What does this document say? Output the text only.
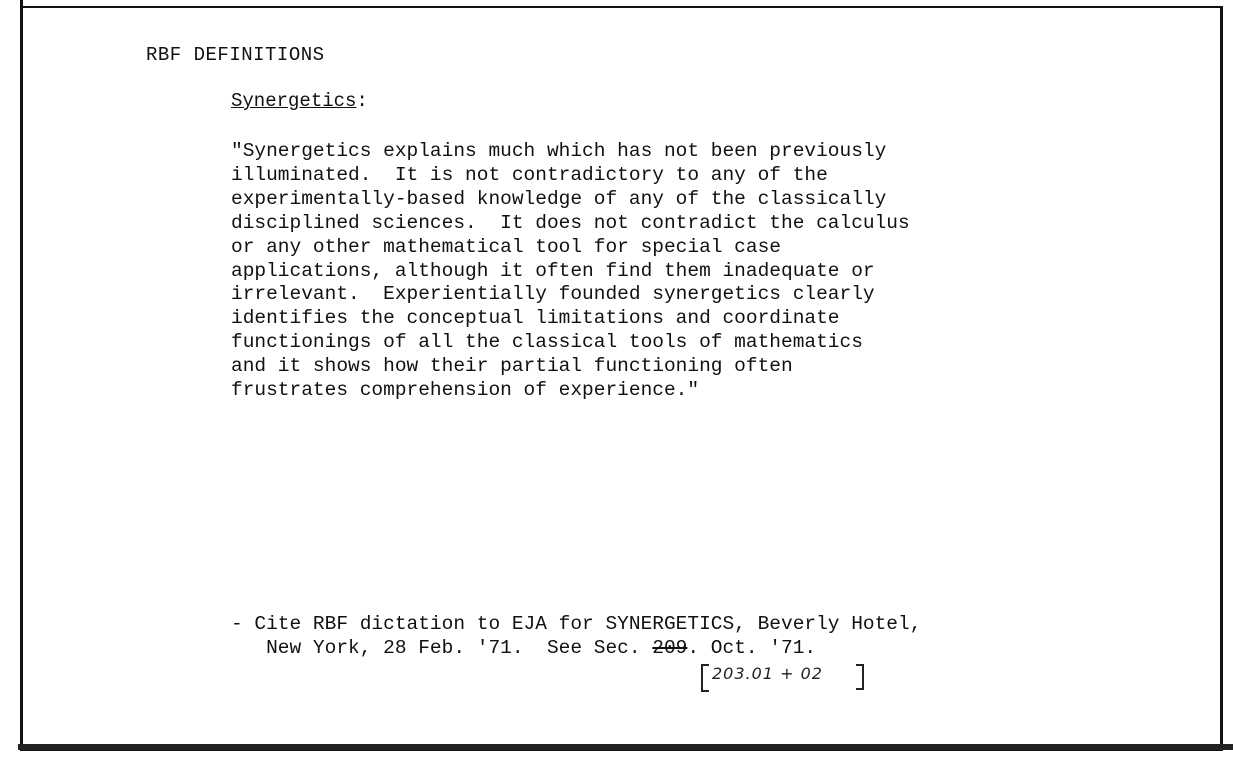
RBF DEFINITIONS
Synergetics:
"Synergetics explains much which has not been previously
illuminated.  It is not contradictory to any of the
experimentally-based knowledge of any of the classically
disciplined sciences.  It does not contradict the calculus
or any other mathematical tool for special case
applications, although it often find them inadequate or
irrelevant.  Experientially founded synergetics clearly
identifies the conceptual limitations and coordinate
functionings of all the classical tools of mathematics
and it shows how their partial functioning often
frustrates comprehension of experience."
- Cite RBF dictation to EJA for SYNERGETICS, Beverly Hotel,
New York, 28 Feb. '71.  See Sec. 209. Oct. '71.
203.01 + 02
